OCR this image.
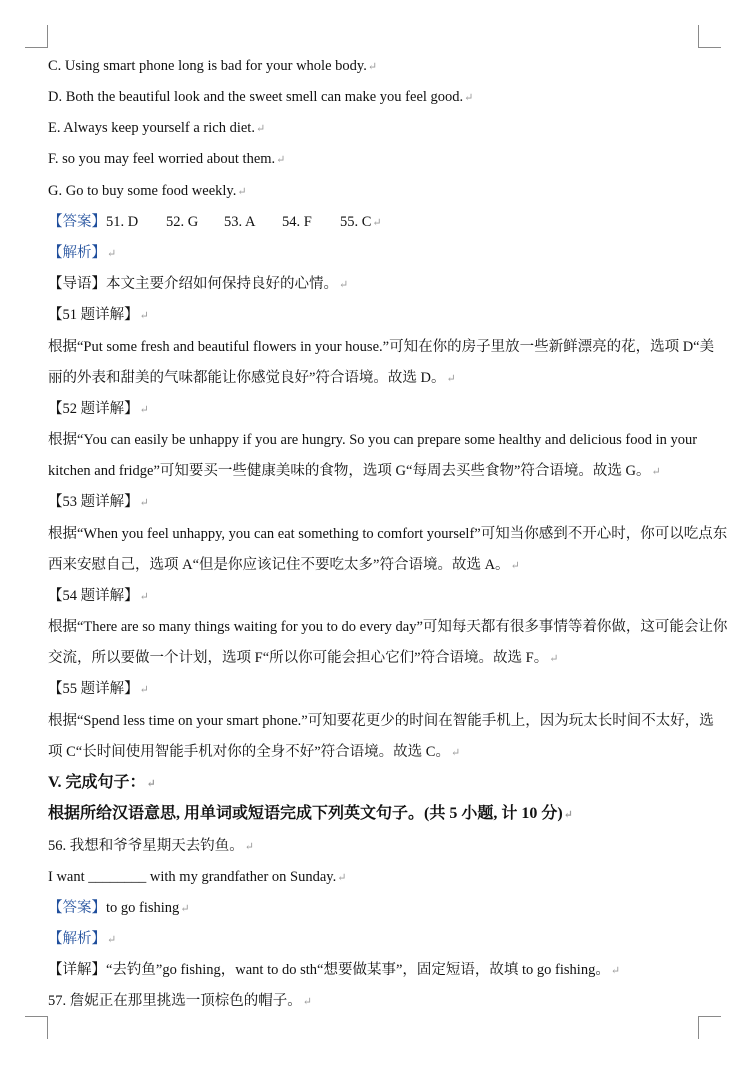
C. Using smart phone long is bad for your whole body.↵
D. Both the beautiful look and the sweet smell can make you feel good.↵
E. Always keep yourself a rich diet.↵
F. so you may feel worried about them.↵
G. Go to buy some food weekly.↵
【答案】51. D 52. G 53. A 54. F 55. C↵
【解析】↵
【导语】本文主要介绍如何保持良好的心情。↵
【51 题详解】↵
根据“Put some fresh and beautiful flowers in your house.”可知在你的房子里放一些新鲜漂亮的花，选项 D“美
丽的外表和甜美的气味都能让你感觉良好”符合语境。故选 D。↵
【52 题详解】↵
根据“You can easily be unhappy if you are hungry. So you can prepare some healthy and delicious food in your
kitchen and fridge”可知要买一些健康美味的食物，选项 G“每周去买些食物”符合语境。故选 G。↵
【53 题详解】↵
根据“When you feel unhappy, you can eat something to comfort yourself”可知当你感到不开心时，你可以吃点东
西来安慰自己，选项 A“但是你应该记住不要吃太多”符合语境。故选 A。↵
【54 题详解】↵
根据“There are so many things waiting for you to do every day”可知每天都有很多事情等着你做，这可能会让你
交流，所以要做一个计划，选项 F“所以你可能会担心它们”符合语境。故选 F。↵
【55 题详解】↵
根据“Spend less time on your smart phone.”可知要花更少的时间在智能手机上，因为玩太长时间不太好，选
项 C“长时间使用智能手机对你的全身不好”符合语境。故选 C。↵
V. 完成句子：↵
根据所给汉语意思, 用单词或短语完成下列英文句子。(共 5 小题, 计 10 分)↵
56. 我想和爷爷星期天去钓鱼。↵
I want ________ with my grandfather on Sunday.↵
【答案】to go fishing↵
【解析】↵
【详解】“去钓鱼”go fishing，want to do sth“想要做某事”，固定短语，故填 to go fishing。↵
57. 詹妮正在那里挑选一顶棕色的帽子。↵
